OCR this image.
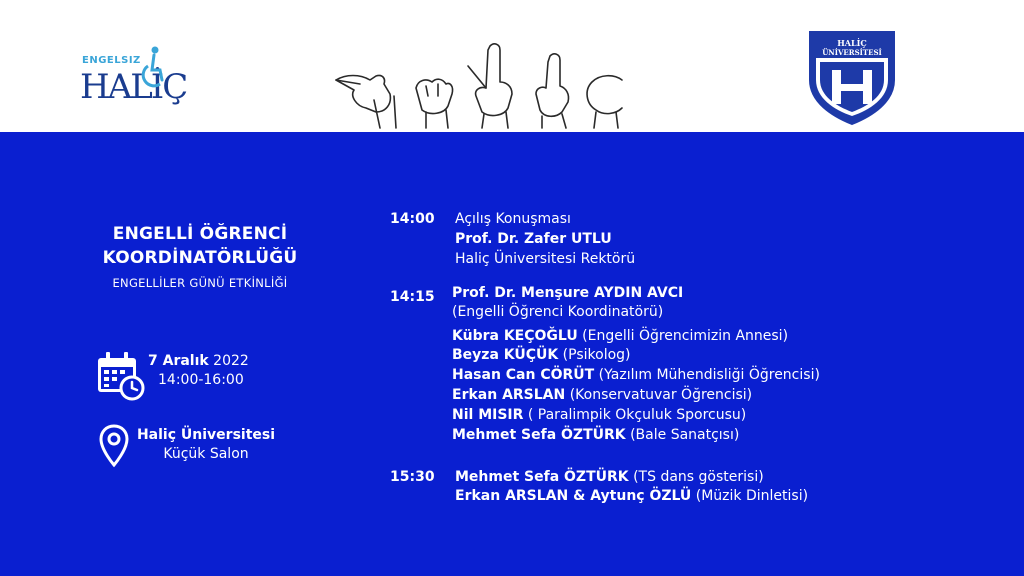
ENGELSIZ
HALİÇ
HALİÇ
ÜNİVERSİTESİ
ENGELLİ ÖĞRENCİ
KOORDİNATÖRLÜĞÜ
ENGELLİLER GÜNÜ ETKİNLİĞİ
7 Aralık 2022
14:00-16:00
Haliç Üniversitesi
Küçük Salon
14:00 Açılış Konuşması
Prof. Dr. Zafer UTLU
Haliç Üniversitesi Rektörü
14:15 Prof. Dr. Menşure AYDIN AVCI
(Engelli Öğrenci Koordinatörü)
Kübra KEÇOĞLU (Engelli Öğrencimizin Annesi)
Beyza KÜÇÜK (Psikolog)
Hasan Can CÖRÜT (Yazılım Mühendisliği Öğrencisi)
Erkan ARSLAN (Konservatuvar Öğrencisi)
Nil MISIR ( Paralimpik Okçuluk Sporcusu)
Mehmet Sefa ÖZTÜRK (Bale Sanatçısı)
15:30 Mehmet Sefa ÖZTÜRK (TS dans gösterisi)
Erkan ARSLAN & Aytunç ÖZLÜ (Müzik Dinletisi)
